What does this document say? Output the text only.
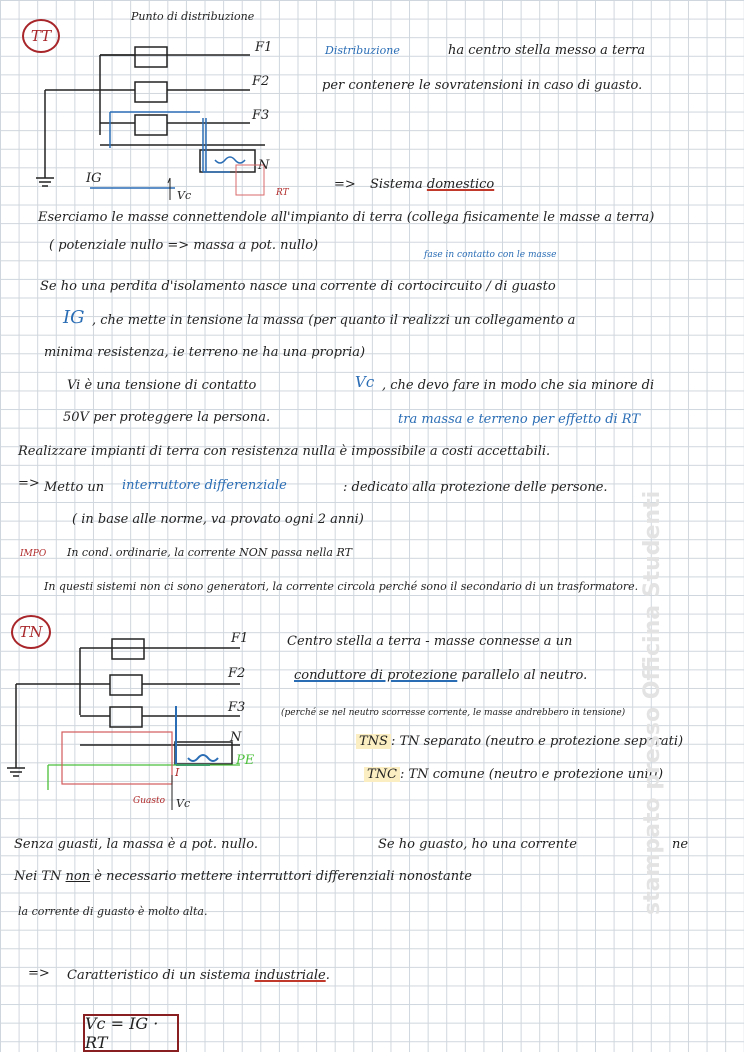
TT
Punto di distribuzione
F1
F2
F3
N
IG
Vc	RT
Distribuzione	ha centro stella messo a terra
per contenere le sovratensioni in caso di guasto.
=> Sistema domestico
Eserciamo le masse connettendole all'impianto di terra (collega fisicamente le masse a terra)
( potenziale nullo => massa a pot. nullo)
fase in contatto con le masse
Se ho una perdita d'isolamento nasce una corrente di cortocircuito / di guasto
IG , che mette in tensione la massa (per quanto il realizzi un collegamento a
minima resistenza, ie terreno ne ha una propria)
Vi è una tensione di contatto	Vc , che devo fare in modo che sia minore di
50V per proteggere la persona.	tra massa e terreno per effetto di RT
Realizzare impianti di terra con resistenza nulla è impossibile a costi accettabili.
=> Metto un interruttore differenziale	: dedicato alla protezione delle persone.
( in base alle norme, va provato ogni 2 anni)
IMPO In cond. ordinarie, la corrente NON passa nella RT
In questi sistemi non ci sono generatori, la corrente circola perché sono il secondario di un trasformatore.
TN	F1
F2
F3
N
PE
I
Guasto Vc
Centro stella a terra - masse connesse a un
conduttore di protezione parallelo al neutro.
(perché se nel neutro scorresse corrente, le masse andrebbero in tensione)
TNS : TN separato (neutro e protezione separati)
TNC : TN comune (neutro e protezione uniti)
Senza guasti, la massa è a pot. nullo.	Se ho guasto, ho una corrente	ne
Nei TN non è necessario mettere interruttori differenziali nonostante
la corrente di guasto è molto alta.
=> Caratteristico di un sistema industriale.
Vc = IG · RT
stampato presso Officina Studenti
